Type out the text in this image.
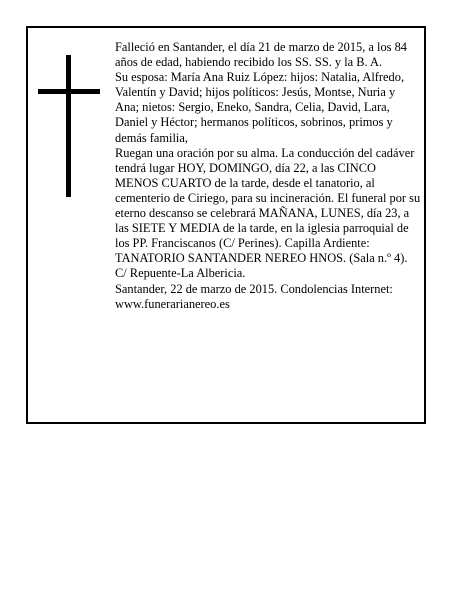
Falleció en Santander, el día 21 de marzo de 2015, a los 84 años de edad, habiendo recibido los SS. SS. y la B. A.

Su esposa: María Ana Ruiz López: hijos: Natalia, Alfredo, Valentín y David; hijos políticos: Jesús, Montse, Nuria y Ana; nietos: Sergio, Eneko, Sandra, Celia, David, Lara, Daniel y Héctor; hermanos políticos, sobrinos, primos y demás familia,

Ruegan una oración por su alma. La conducción del cadáver tendrá lugar HOY, DOMINGO, día 22, a las CINCO MENOS CUARTO de la tarde, desde el tanatorio, al cementerio de Ciriego, para su incineración. El funeral por su eterno descanso se celebrará MAÑANA, LUNES, día 23, a las SIETE Y MEDIA de la tarde, en la iglesia parroquial de los PP. Franciscanos (C/ Perines). Capilla Ardiente: TANATORIO SANTANDER NEREO HNOS. (Sala n.º 4). C/ Repuente-La Albericia.

Santander, 22 de marzo de 2015. Condolencias Internet: www.funerarianereo.es
